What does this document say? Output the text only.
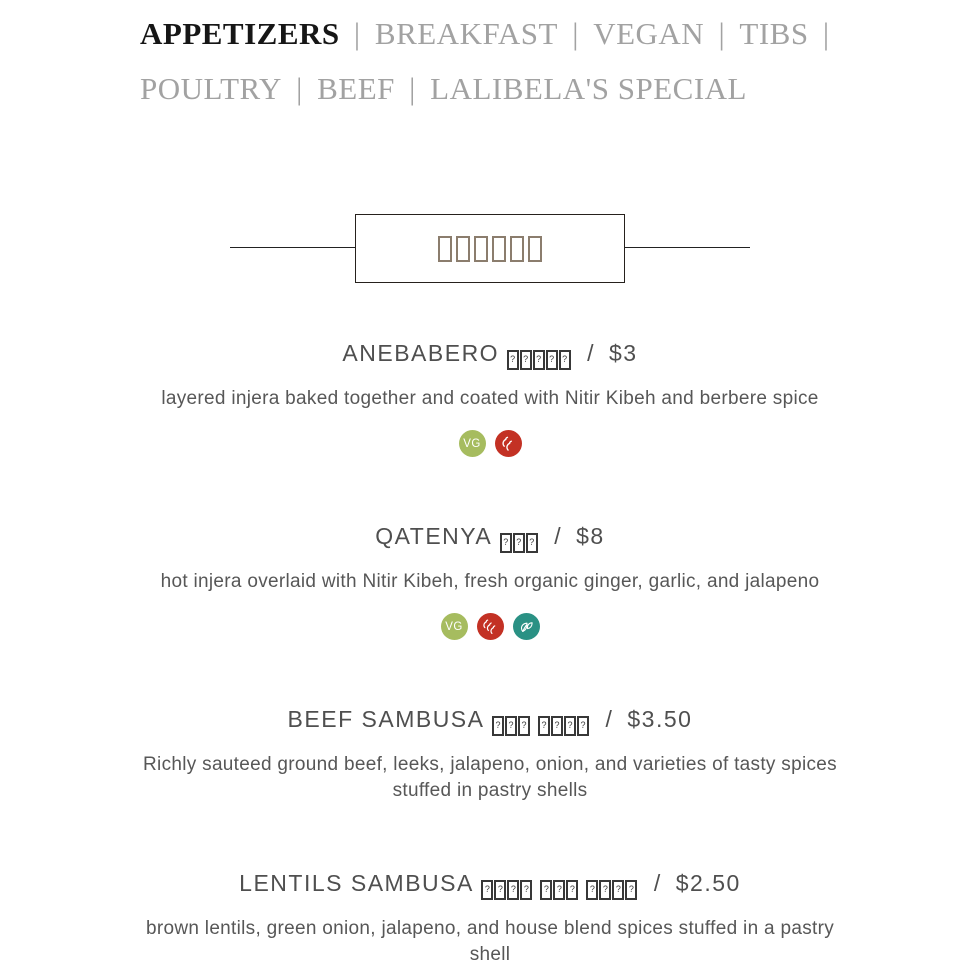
APPETIZERS | BREAKFAST | VEGAN | TIBS |
POULTRY | BEEF | LALIBELA'S SPECIAL
ANEBABERO ? ? ? ? ? / $3
layered injera baked together and coated with Nitir Kibeh and berbere spice
VG
QATENYA ? ? ? / $8
hot injera overlaid with Nitir Kibeh, fresh organic ginger, garlic, and jalapeno
VG
BEEF SAMBUSA ? ? ? ? ? ? ? / $3.50
Richly sauteed ground beef, leeks, jalapeno, onion, and varieties of tasty spices stuffed in pastry shells
LENTILS SAMBUSA ? ? ? ? ? ? ? ? ? ? ? / $2.50
brown lentils, green onion, jalapeno, and house blend spices stuffed in a pastry shell
